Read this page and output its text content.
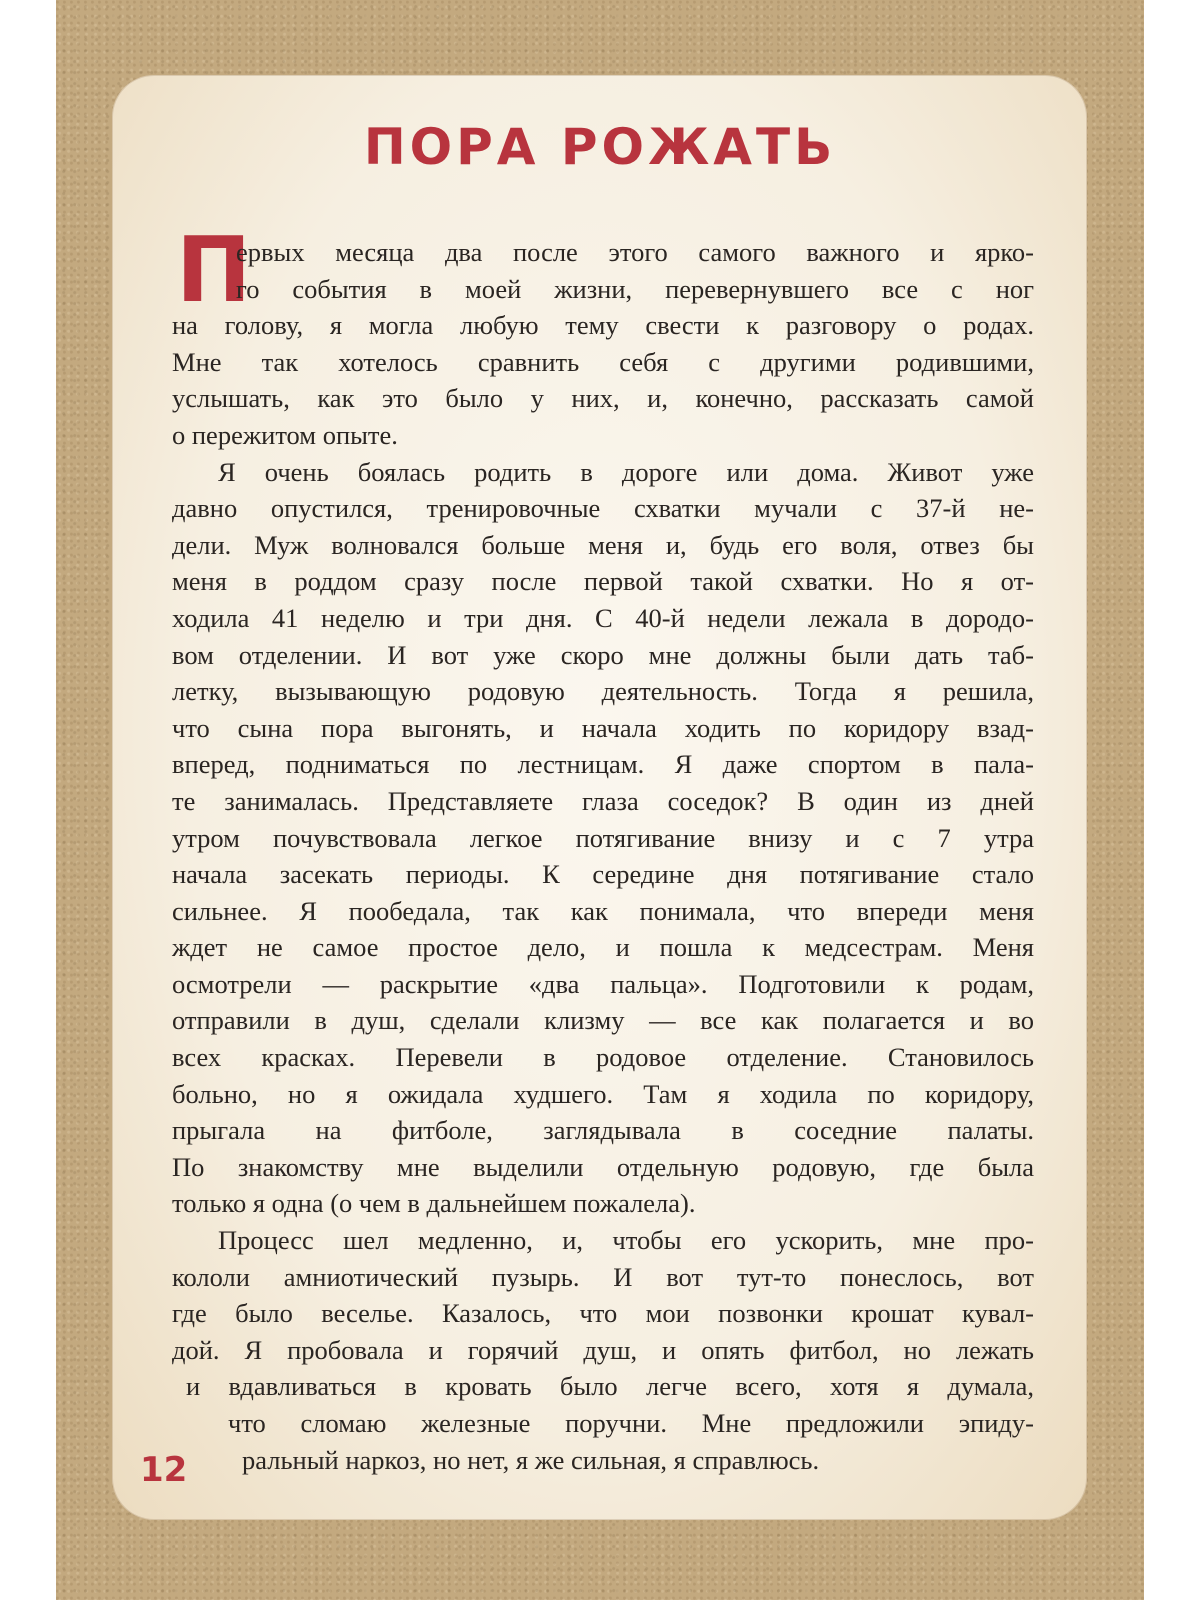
ПОРА РОЖАТЬ
П
ервых месяца два после этого самого важного и ярко-
го события в моей жизни, перевернувшего все с ног
на голову, я могла любую тему свести к разговору о родах.
Мне так хотелось сравнить себя с другими родившими,
услышать, как это было у них, и, конечно, рассказать самой
о пережитом опыте.
Я очень боялась родить в дороге или дома. Живот уже
давно опустился, тренировочные схватки мучали с 37-й не-
дели. Муж волновался больше меня и, будь его воля, отвез бы
меня в роддом сразу после первой такой схватки. Но я от-
ходила 41 неделю и три дня. С 40-й недели лежала в дородо-
вом отделении. И вот уже скоро мне должны были дать таб-
летку, вызывающую родовую деятельность. Тогда я решила,
что сына пора выгонять, и начала ходить по коридору взад-
вперед, подниматься по лестницам. Я даже спортом в пала-
те занималась. Представляете глаза соседок? В один из дней
утром почувствовала легкое потягивание внизу и с 7 утра
начала засекать периоды. К середине дня потягивание стало
сильнее. Я пообедала, так как понимала, что впереди меня
ждет не самое простое дело, и пошла к медсестрам. Меня
осмотрели — раскрытие «два пальца». Подготовили к родам,
отправили в душ, сделали клизму — все как полагается и во
всех красках. Перевели в родовое отделение. Становилось
больно, но я ожидала худшего. Там я ходила по коридору,
прыгала на фитболе, заглядывала в соседние палаты.
По знакомству мне выделили отдельную родовую, где была
только я одна (о чем в дальнейшем пожалела).
Процесс шел медленно, и, чтобы его ускорить, мне про-
кололи амниотический пузырь. И вот тут-то понеслось, вот
где было веселье. Казалось, что мои позвонки крошат кувал-
дой. Я пробовала и горячий душ, и опять фитбол, но лежать
и вдавливаться в кровать было легче всего, хотя я думала,
что сломаю железные поручни. Мне предложили эпиду-
ральный наркоз, но нет, я же сильная, я справлюсь.
12
